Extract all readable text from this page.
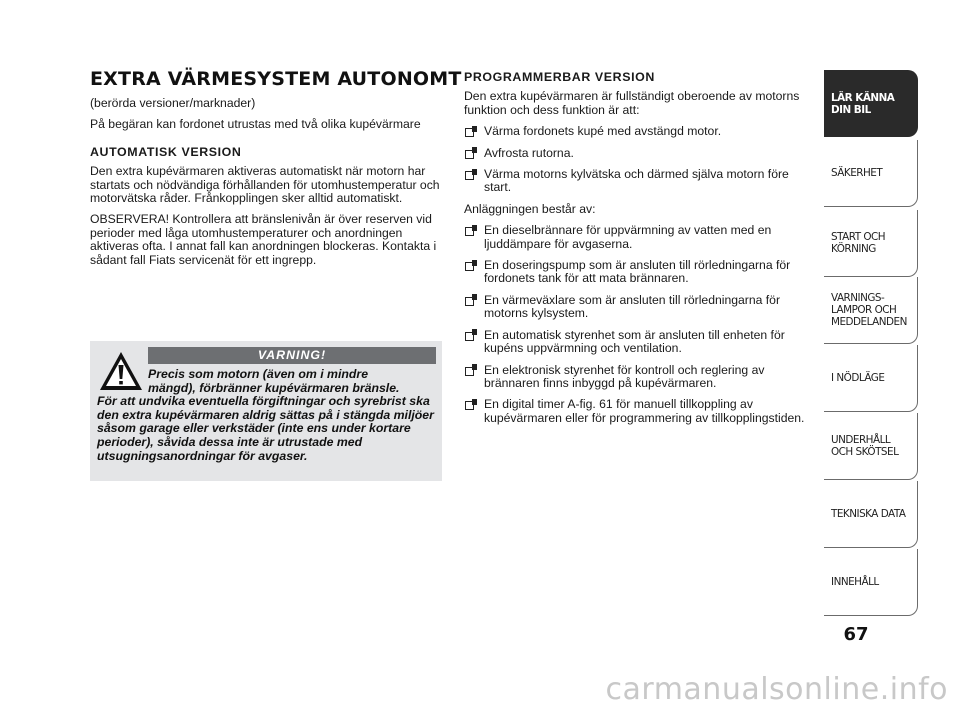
EXTRA VÄRMESYSTEM AUTONOMT

(berörda versioner/marknader)

På begäran kan fordonet utrustas med två olika kupévärmare

AUTOMATISK VERSION

Den extra kupévärmaren aktiveras automatiskt när motorn har startats och nödvändiga förhållanden för utomhustemperatur och motorvätska råder. Frånkopplingen sker alltid automatiskt.

OBSERVERA! Kontrollera att bränslenivån är över reserven vid perioder med låga utomhustemperaturer och anordningen aktiveras ofta. I annat fall kan anordningen blockeras. Kontakta i sådant fall Fiats servicenät för ett ingrepp.

VARNING!

Precis som motorn (även om i mindre
mängd), förbränner kupévärmaren bränsle.
För att undvika eventuella förgiftningar och syrebrist ska den extra kupévärmaren aldrig sättas på i stängda miljöer såsom garage eller verkstäder (inte ens under kortare perioder), såvida dessa inte är utrustade med utsugningsanordningar för avgaser.

PROGRAMMERBAR VERSION

Den extra kupévärmaren är fullständigt oberoende av motorns funktion och dess funktion är att:

Värma fordonets kupé med avstängd motor.
Avfrosta rutorna.
Värma motorns kylvätska och därmed själva motorn före start.

Anläggningen består av:

En dieselbrännare för uppvärmning av vatten med en ljuddämpare för avgaserna.
En doseringspump som är ansluten till rörledningarna för fordonets tank för att mata brännaren.
En värmeväxlare som är ansluten till rörledningarna för motorns kylsystem.
En automatisk styrenhet som är ansluten till enheten för kupéns uppvärmning och ventilation.
En elektronisk styrenhet för kontroll och reglering av brännaren finns inbyggd på kupévärmaren.
En digital timer A-fig. 61 för manuell tillkoppling av kupévärmaren eller för programmering av tillkopplingstiden.
LÄR KÄNNA DIN BIL
SÄKERHET
START OCH KÖRNING
VARNINGS- LAMPOR OCH MEDDELANDEN
I NÖDLÄGE
UNDERHÅLL OCH SKÖTSEL
TEKNISKA DATA
INNEHÅLL
67
carmanualsonline.info
